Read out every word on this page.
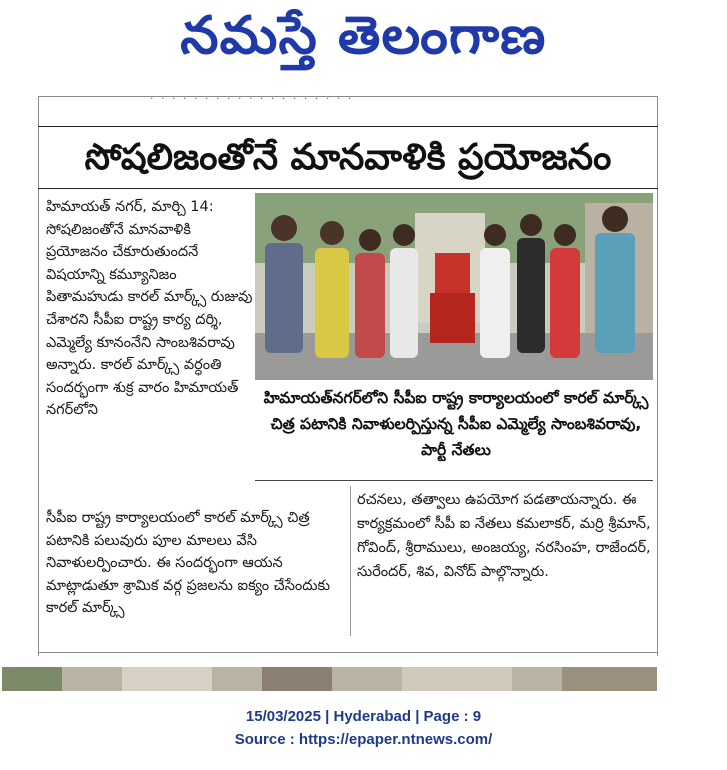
నమస్తే తెలంగాణ
· · · · · · · · · · · · · · · · · · ·
సోషలిజంతోనే మానవాళికి ప్రయోజనం
హిమాయత్ నగర్, మార్చి 14: సోషలిజంతోనే మానవాళికి ప్రయోజనం చేకూరుతుందనే విషయాన్ని కమ్యూనిజం పితామహుడు కారల్ మార్క్స్ రుజువు చేశారని సీపీఐ రాష్ట్ర కార్య దర్శి, ఎమ్మెల్యే కూనంనేని సాంబశివరావు అన్నారు. కారల్ మార్క్స్ వర్ధంతి సందర్భంగా శుక్ర వారం హిమాయత్ నగర్‌లోని
హిమాయత్‌నగర్‌లోని సీపీఐ రాష్ట్ర కార్యాలయంలో కారల్ మార్క్స్ చిత్ర పటానికి నివాళులర్పిస్తున్న సీపీఐ ఎమ్మెల్యే సాంబశివరావు, పార్టీ నేతలు
సీపీఐ రాష్ట్ర కార్యాలయంలో కారల్ మార్క్స్ చిత్ర పటానికి పలువురు పూల మాలలు వేసి నివాళులర్పించారు. ఈ సందర్భంగా ఆయన మాట్లాడుతూ శ్రామిక వర్గ ప్రజలను ఐక్యం చేసేందుకు కారల్ మార్క్స్
రచనలు, తత్వాలు ఉపయోగ పడతాయన్నారు. ఈ కార్యక్రమంలో సీపీ ఐ నేతలు కమలాకర్, మర్రి శ్రీమాన్, గోవింద్, శ్రీరాములు, అంజయ్య, నరసింహ, రాజేందర్, సురేందర్, శివ, వినోద్ పాల్గొన్నారు.
15/03/2025 | Hyderabad | Page : 9
Source : https://epaper.ntnews.com/
